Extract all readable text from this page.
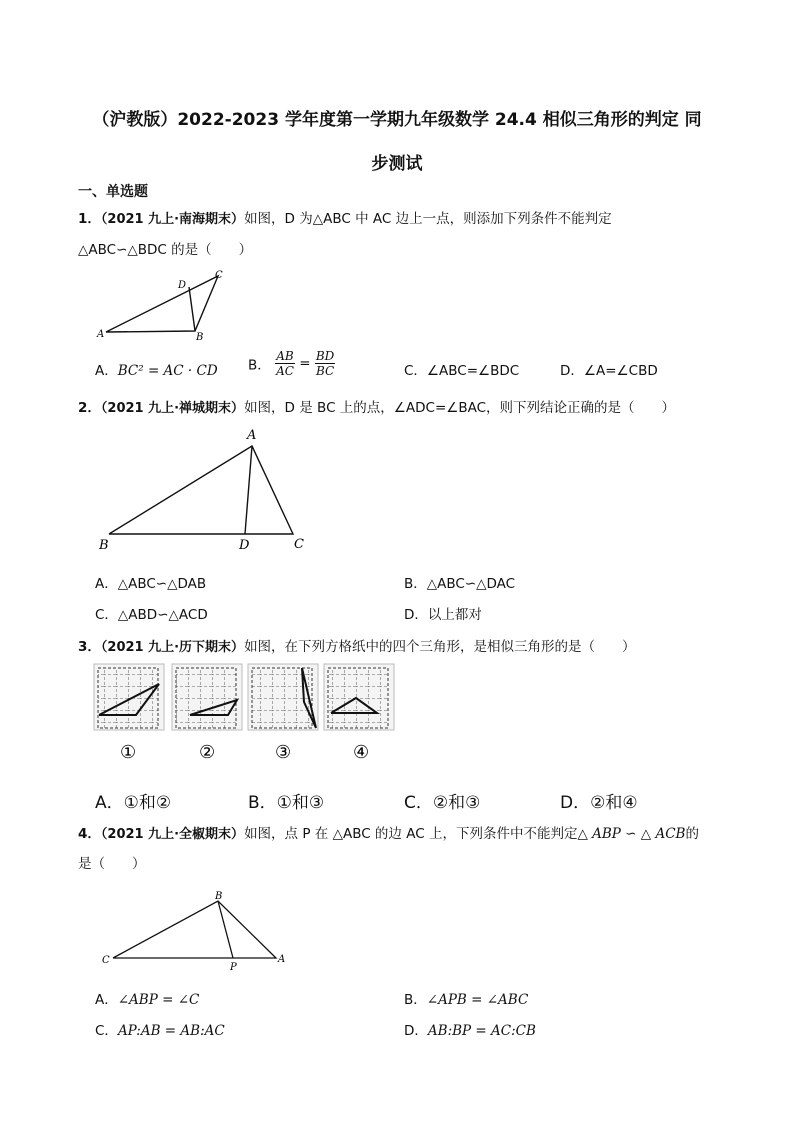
（沪教版）2022-2023 学年度第一学期九年级数学 24.4 相似三角形的判定 同
步测试
一、单选题
1．（2021 九上·南海期末）如图，D 为△ABC 中 AC 边上一点，则添加下列条件不能判定
△ABC∽△BDC 的是（　　）
A	B
C
D
A．BC² = AC · CD B． $\frac{AB}{AC} = \frac{BD}{BC}$	C．∠ABC=∠BDC	D．∠A=∠CBD
2．（2021 九上·禅城期末）如图，D 是 BC 上的点，∠ADC=∠BAC，则下列结论正确的是（　　）
A
B	D	C
A．△ABC∽△DAB	B．△ABC∽△DAC
C．△ABD∽△ACD	D．以上都对
3．（2021 九上·历下期末）如图，在下列方格纸中的四个三角形，是相似三角形的是（　　）
①	②	③	④
A．①和②	B．①和③	C．②和③	D．②和④
4．（2021 九上·全椒期末）如图，点 P 在 △ABC 的边 AC 上，下列条件中不能判定△ ABP ∽ △ ACB的
是（　　）
B
C
P
A
A．∠ABP = ∠C	B．∠APB = ∠ABC
C．AP:AB = AB:AC	D．AB:BP = AC:CB
